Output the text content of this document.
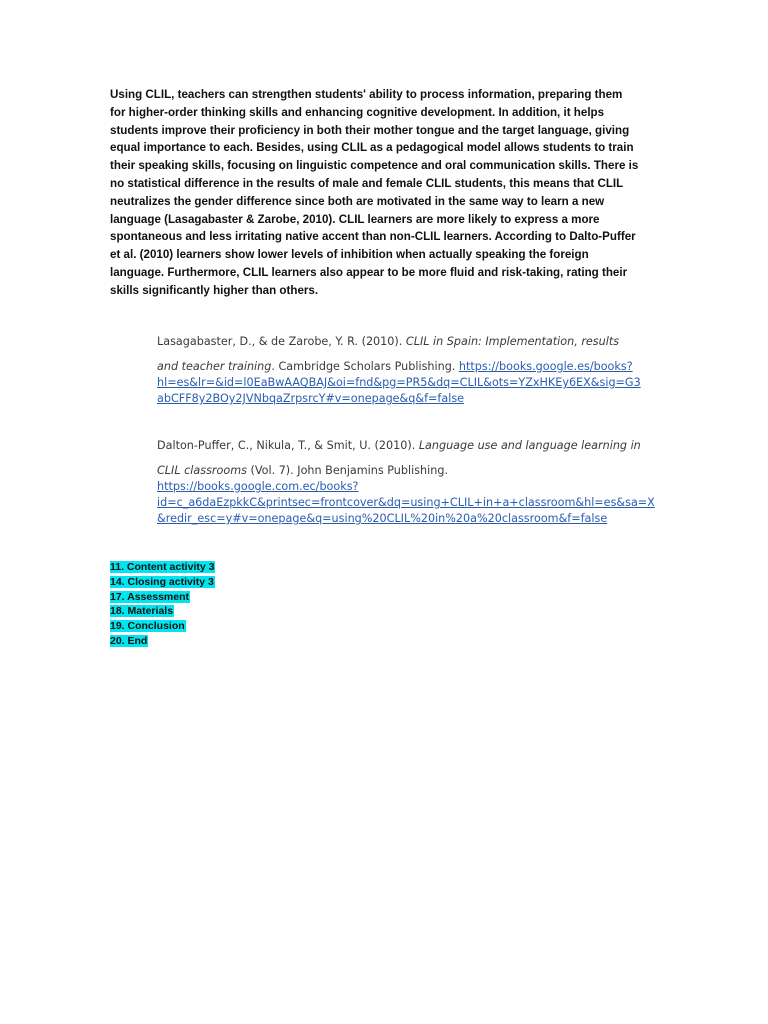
Using CLIL, teachers can strengthen students' ability to process information, preparing them
for higher-order thinking skills and enhancing cognitive development. In addition, it helps
students improve their proficiency in both their mother tongue and the target language, giving
equal importance to each. Besides, using CLIL as a pedagogical model allows students to train
their speaking skills, focusing on linguistic competence and oral communication skills. There is
no statistical difference in the results of male and female CLIL students, this means that CLIL
neutralizes the gender difference since both are motivated in the same way to learn a new
language (Lasagabaster & Zarobe, 2010). CLIL learners are more likely to express a more
spontaneous and less irritating native accent than non-CLIL learners. According to Dalto-Puffer
et al. (2010) learners show lower levels of inhibition when actually speaking the foreign
language. Furthermore, CLIL learners also appear to be more fluid and risk-taking, rating their
skills significantly higher than others.

Lasagabaster, D., & de Zarobe, Y. R. (2010). CLIL in Spain: Implementation, results
and teacher training. Cambridge Scholars Publishing. https://books.google.es/books?
hl=es&lr=&id=l0EaBwAAQBAJ&oi=fnd&pg=PR5&dq=CLIL&ots=YZxHKEy6EX&sig=G3
abCFF8y2BOy2JVNbqaZrpsrcY#v=onepage&q&f=false
Dalton-Puffer, C., Nikula, T., & Smit, U. (2010). Language use and language learning in
CLIL classrooms (Vol. 7). John Benjamins Publishing.
https://books.google.com.ec/books?
id=c_a6daEzpkkC&printsec=frontcover&dq=using+CLIL+in+a+classroom&hl=es&sa=X
&redir_esc=y#v=onepage&q=using%20CLIL%20in%20a%20classroom&f=false
11. Content activity 3
14. Closing activity 3
17. Assessment
18. Materials
19. Conclusion
20. End
